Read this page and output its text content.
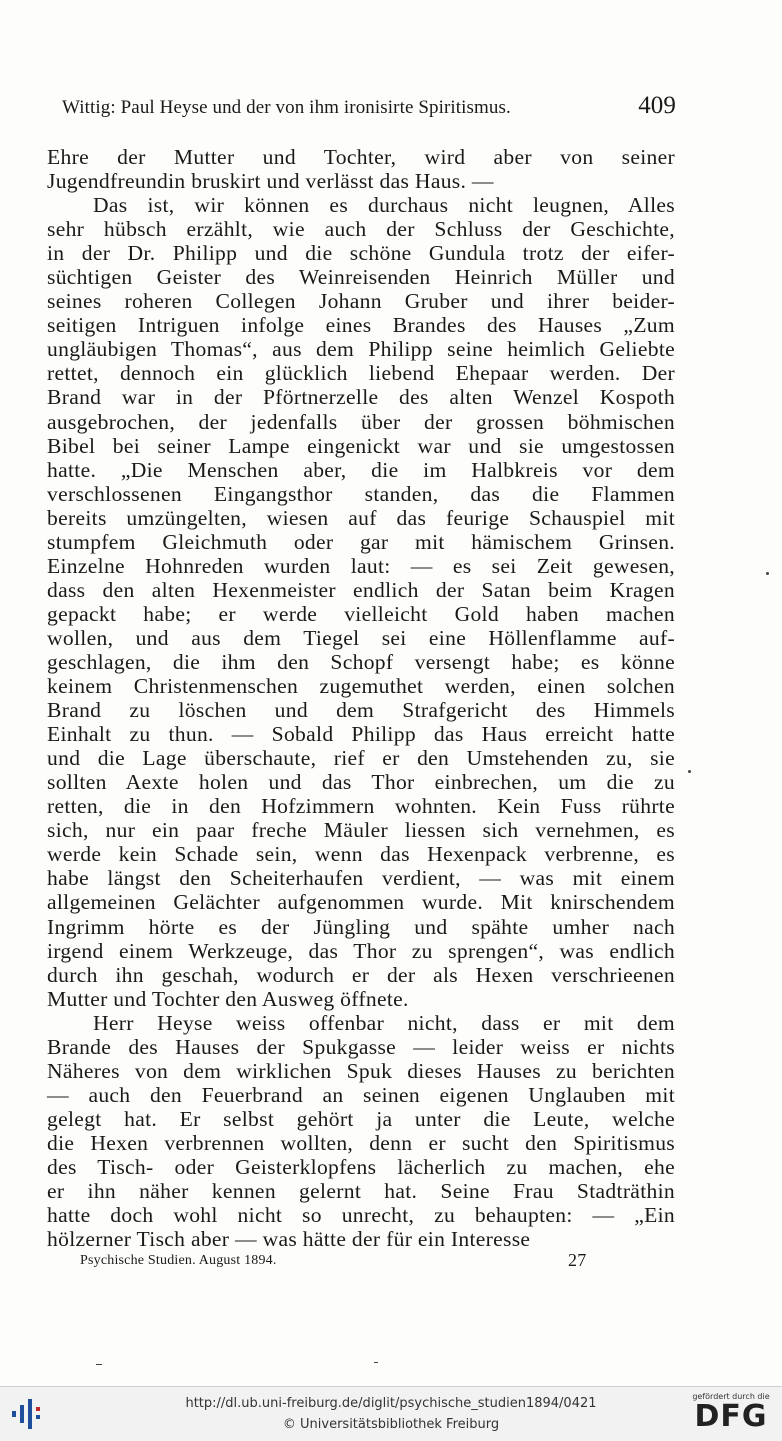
Wittig: Paul Heyse und der von ihm ironisirte Spiritismus.	409
Ehre der Mutter und Tochter, wird aber von seiner
Jugendfreundin bruskirt und verlässt das Haus. —
Das ist, wir können es durchaus nicht leugnen, Alles
sehr hübsch erzählt, wie auch der Schluss der Geschichte,
in der Dr. Philipp und die schöne Gundula trotz der eifer-
süchtigen Geister des Weinreisenden Heinrich Müller und
seines roheren Collegen Johann Gruber und ihrer beider-
seitigen Intriguen infolge eines Brandes des Hauses „Zum
ungläubigen Thomas“, aus dem Philipp seine heimlich Geliebte
rettet, dennoch ein glücklich liebend Ehepaar werden. Der
Brand war in der Pförtnerzelle des alten Wenzel Kospoth
ausgebrochen, der jedenfalls über der grossen böhmischen
Bibel bei seiner Lampe eingenickt war und sie umgestossen
hatte. „Die Menschen aber, die im Halbkreis vor dem
verschlossenen Eingangsthor standen, das die Flammen
bereits umzüngelten, wiesen auf das feurige Schauspiel mit
stumpfem Gleichmuth oder gar mit hämischem Grinsen.
Einzelne Hohnreden wurden laut: — es sei Zeit gewesen,
dass den alten Hexenmeister endlich der Satan beim Kragen
gepackt habe; er werde vielleicht Gold haben machen
wollen, und aus dem Tiegel sei eine Höllenflamme auf-
geschlagen, die ihm den Schopf versengt habe; es könne
keinem Christenmenschen zugemuthet werden, einen solchen
Brand zu löschen und dem Strafgericht des Himmels
Einhalt zu thun. — Sobald Philipp das Haus erreicht hatte
und die Lage überschaute, rief er den Umstehenden zu, sie
sollten Aexte holen und das Thor einbrechen, um die zu
retten, die in den Hofzimmern wohnten. Kein Fuss rührte
sich, nur ein paar freche Mäuler liessen sich vernehmen, es
werde kein Schade sein, wenn das Hexenpack verbrenne, es
habe längst den Scheiterhaufen verdient, — was mit einem
allgemeinen Gelächter aufgenommen wurde. Mit knirschendem
Ingrimm hörte es der Jüngling und spähte umher nach
irgend einem Werkzeuge, das Thor zu sprengen“, was endlich
durch ihn geschah, wodurch er der als Hexen verschrieenen
Mutter und Tochter den Ausweg öffnete.
Herr Heyse weiss offenbar nicht, dass er mit dem
Brande des Hauses der Spukgasse — leider weiss er nichts
Näheres von dem wirklichen Spuk dieses Hauses zu berichten
— auch den Feuerbrand an seinen eigenen Unglauben mit
gelegt hat. Er selbst gehört ja unter die Leute, welche
die Hexen verbrennen wollten, denn er sucht den Spiritismus
des Tisch- oder Geisterklopfens lächerlich zu machen, ehe
er ihn näher kennen gelernt hat. Seine Frau Stadträthin
hatte doch wohl nicht so unrecht, zu behaupten: — „Ein
hölzerner Tisch aber — was hätte der für ein Interesse
Psychische Studien. August 1894.	27
http://dl.ub.uni-freiburg.de/diglit/psychische_studien1894/0421
© Universitätsbibliothek Freiburg
gefördert durch die
DFG
